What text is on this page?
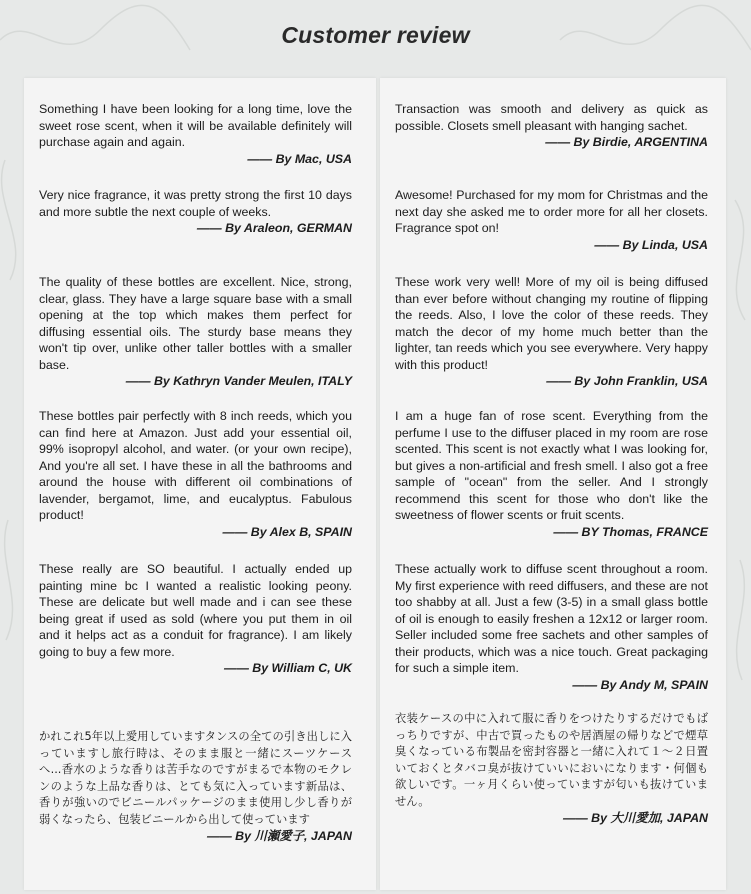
Customer review

Something I have been looking for a long time, love the sweet rose scent, when it will be available definitely will purchase again and again.

—— By Mac, USA

Very nice fragrance, it was pretty strong the first 10 days and more subtle the next couple of weeks.

—— By Araleon, GERMAN

The quality of these bottles are excellent. Nice, strong, clear, glass. They have a large square base with a small opening at the top which makes them perfect for diffusing essential oils. The sturdy base means they won't tip over, unlike other taller bottles with a smaller base.

—— By Kathryn Vander Meulen, ITALY

These bottles pair perfectly with 8 inch reeds, which you can find here at Amazon. Just add your essential oil, 99% isopropyl alcohol, and water. (or your own recipe), And you're all set. I have these in all the bathrooms and around the house with different oil combinations of lavender, bergamot, lime, and eucalyptus. Fabulous product!

—— By Alex B, SPAIN

These really are SO beautiful. I actually ended up painting mine bc I wanted a realistic looking peony. These are delicate but well made and i can see these being great if used as sold (where you put them in oil and it helps act as a conduit for fragrance). I am likely going to buy a few more.

—— By William C, UK

かれこれ5年以上愛用していますタンスの全ての引き出しに入っていますし旅行時は、そのまま服と一緒にスーツケースへ...香水のような香りは苦手なのですがまるで本物のモクレンのような上品な香りは、とても気に入っています新品は、香りが強いのでビニールパッケージのまま使用し少し香りが弱くなったら、包装ビニールから出して使っています

—— By 川瀬愛子, JAPAN

Transaction was smooth and delivery as quick as possible. Closets smell pleasant with hanging sachet.

—— By Birdie, ARGENTINA

Awesome! Purchased for my mom for Christmas and the next day she asked me to order more for all her closets. Fragrance spot on!

—— By Linda, USA

These work very well! More of my oil is being diffused than ever before without changing my routine of flipping the reeds. Also, I love the color of these reeds. They match the decor of my home much better than the lighter, tan reeds which you see everywhere. Very happy with this product!

—— By John Franklin, USA

I am a huge fan of rose scent. Everything from the perfume I use to the diffuser placed in my room are rose scented. This scent is not exactly what I was looking for, but gives a non-artificial and fresh smell. I also got a free sample of "ocean" from the seller. And I strongly recommend this scent for those who don't like the sweetness of flower scents or fruit scents.

—— BY Thomas, FRANCE

These actually work to diffuse scent throughout a room. My first experience with reed diffusers, and these are not too shabby at all. Just a few (3-5) in a small glass bottle of oil is enough to easily freshen a 12x12 or larger room. Seller included some free sachets and other samples of their products, which was a nice touch. Great packaging for such a simple item.

—— By Andy M, SPAIN

衣装ケースの中に入れて服に香りをつけたりするだけでもばっちりですが、中古で買ったものや居酒屋の帰りなどで煙草臭くなっている布製品を密封容器と一緒に入れて１～２日置いておくとタバコ臭が抜けていいにおいになります・何個も欲しいです。一ヶ月くらい使っていますが匂いも抜けていません。

—— By 大川愛加, JAPAN
